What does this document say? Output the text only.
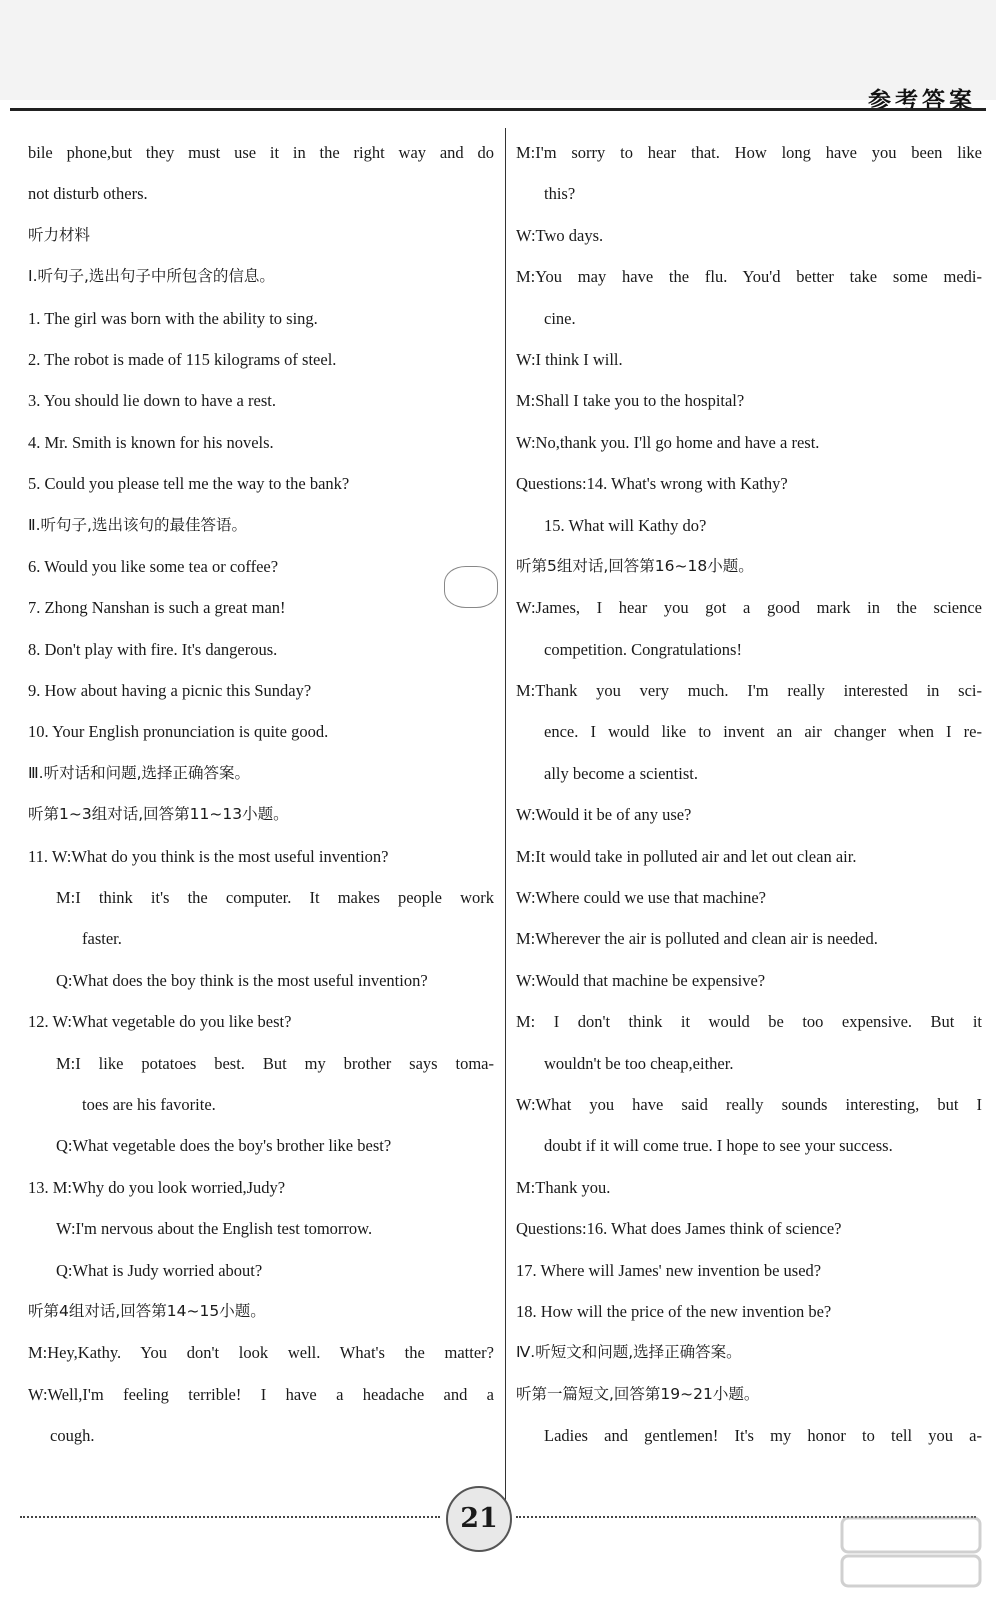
参考答案
bile phone,but they must use it in the right way and do
not disturb others.
听力材料
Ⅰ.听句子,选出句子中所包含的信息。
1. The girl was born with the ability to sing.
2. The robot is made of 115 kilograms of steel.
3. You should lie down to have a rest.
4. Mr. Smith is known for his novels.
5. Could you please tell me the way to the bank?
Ⅱ.听句子,选出该句的最佳答语。
6. Would you like some tea or coffee?
7. Zhong Nanshan is such a great man!
8. Don't play with fire. It's dangerous.
9. How about having a picnic this Sunday?
10. Your English pronunciation is quite good.
Ⅲ.听对话和问题,选择正确答案。
听第1~3组对话,回答第11~13小题。
11. W:What do you think is the most useful invention?
M:I think it's the computer. It makes people work
faster.
Q:What does the boy think is the most useful invention?
12. W:What vegetable do you like best?
M:I like potatoes best. But my brother says toma-
toes are his favorite.
Q:What vegetable does the boy's brother like best?
13. M:Why do you look worried,Judy?
W:I'm nervous about the English test tomorrow.
Q:What is Judy worried about?
听第4组对话,回答第14~15小题。
M:Hey,Kathy. You don't look well. What's the matter?
W:Well,I'm feeling terrible! I have a headache and a
cough.
M:I'm sorry to hear that. How long have you been like
this?
W:Two days.
M:You may have the flu. You'd better take some medi-
cine.
W:I think I will.
M:Shall I take you to the hospital?
W:No,thank you. I'll go home and have a rest.
Questions:14. What's wrong with Kathy?
15. What will Kathy do?
听第5组对话,回答第16~18小题。
W:James, I hear you got a good mark in the science
competition. Congratulations!
M:Thank you very much. I'm really interested in sci-
ence. I would like to invent an air changer when I re-
ally become a scientist.
W:Would it be of any use?
M:It would take in polluted air and let out clean air.
W:Where could we use that machine?
M:Wherever the air is polluted and clean air is needed.
W:Would that machine be expensive?
M: I don't think it would be too expensive. But it
wouldn't be too cheap,either.
W:What you have said really sounds interesting, but I
doubt if it will come true. I hope to see your success.
M:Thank you.
Questions:16. What does James think of science?
17. Where will James' new invention be used?
18. How will the price of the new invention be?
Ⅳ.听短文和问题,选择正确答案。
听第一篇短文,回答第19~21小题。
Ladies and gentlemen! It's my honor to tell you a-
21
